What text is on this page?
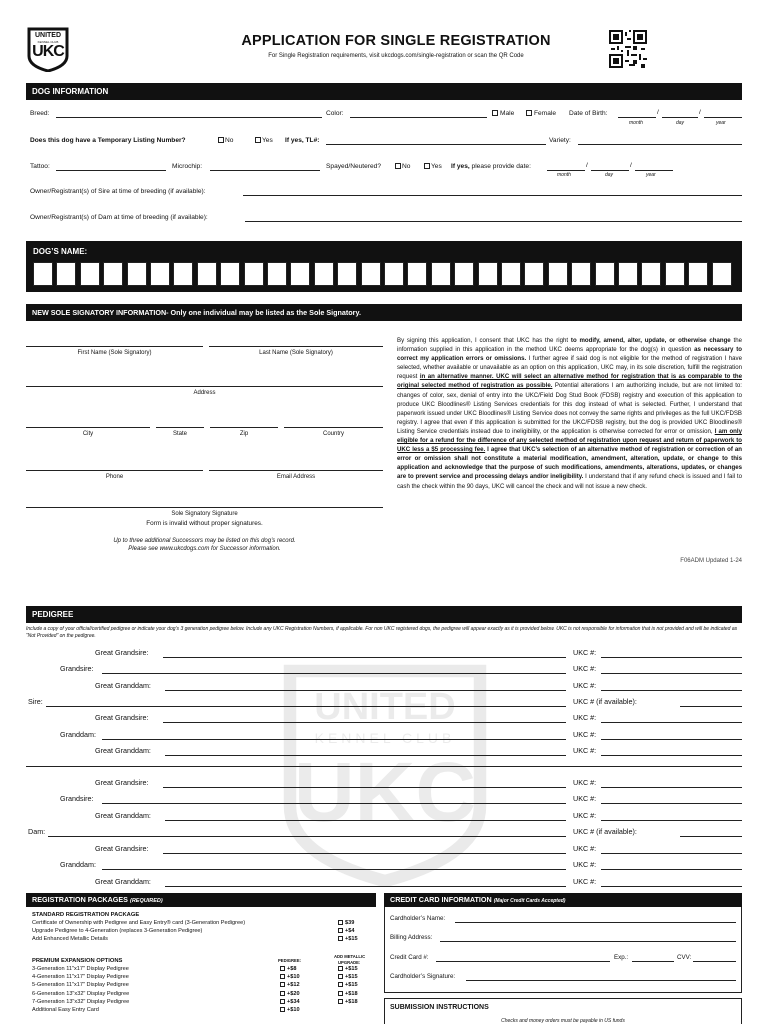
UNITED
KENNEL CLUB
UKC
APPLICATION FOR SINGLE REGISTRATION
For Single Registration requirements, visit ukcdogs.com/single-registration or scan the QR Code
DOG INFORMATION
Breed:	Color:	Male	Female Date of Birth:	/	/
month	day	year
Does this dog have a Temporary Listing Number?	No	Yes If yes, TL#:	Variety:
Tattoo:	Microchip:	Spayed/Neutered?	No	Yes If yes, please provide date:	/	/
month	day	year
Owner/Registrant(s) of Sire at time of breeding (if available):
Owner/Registrant(s) of Dam at time of breeding (if available):
DOG’S NAME:
NEW SOLE SIGNATORY INFORMATION - Only one individual may be listed as the Sole Signatory.
First Name (Sole Signatory)	Last Name (Sole Signatory)
Address
City	State	Zip	Country
Phone	Email Address
Sole Signatory Signature
Form is invalid without proper signatures.
Up to three additional Successors may be listed on this dog’s record.
Please see www.ukcdogs.com for Successor information.
By signing this application, I consent that UKC has the right to modify, amend, alter, update, or otherwise change the information supplied in this application in the method UKC deems appropriate for the dog(s) in question as necessary to correct my application errors or omissions. I further agree if said dog is not eligible for the method of registration I have selected, whether available or unavailable as an option on this application, UKC may, in its sole discretion, fulfill the registration request in an alternative manner. UKC will select an alternative method for registration that is as comparable to the original selected method of registration as possible. Potential alterations I am authorizing include, but are not limited to: changes of color, sex, denial of entry into the UKC/Field Dog Stud Book (FDSB) registry and execution of this application to produce UKC Bloodlines® Listing Services credentials for this dog instead of what is selected. Further, I understand that paperwork issued under UKC Bloodlines® Listing Service does not convey the same rights and privileges as the full UKC/FDSB registry. I agree that even if this application is submitted for the UKC/FDSB registry, but the dog is provided UKC Bloodlines® Listing Service credentials instead due to ineligibility, or the application is otherwise corrected for error or omission, I am only eligible for a refund for the difference of any selected method of registration upon request and return of paperwork to UKC less a $5 processing fee. I agree that UKC’s selection of an alternative method of registration or correction of an error or omission shall not constitute a material modification, amendment, alteration, update, or change to this application and acknowledge that the purpose of such modifications, amendments, alterations, updates, or changes are to prevent service and processing delays and/or ineligibility. I understand that if any refund check is issued and I fail to cash the check within the 90 days, UKC will cancel the check and will not issue a new check.
F06ADM Updated 1-24
PEDIGREE
Include a copy of your official/certified pedigree or indicate your dog’s 3 generation pedigree below. Include any UKC Registration Numbers, if applicable. For non UKC registered dogs, the pedigree will appear exactly as it is provided below. UKC is not responsible for information that is not provided and will be indicated as “Not Provided” on the pedigree.
UNITED
KENNEL CLUB
UKC
Great Grandsire:	UKC #:
Grandsire:	UKC #:
Great Granddam:	UKC #:
Sire:	UKC # (if available):
Great Grandsire:	UKC #:
Granddam:	UKC #:
Great Granddam:	UKC #:
Great Grandsire:	UKC #:
Grandsire:	UKC #:
Great Granddam:	UKC #:
Dam:	UKC # (if available):
Great Grandsire:	UKC #:
Granddam:	UKC #:
Great Granddam:	UKC #:
REGISTRATION PACKAGES (REQUIRED)
STANDARD REGISTRATION PACKAGE
Certificate of Ownership with Pedigree and Easy Entry® card (3-Generation Pedigree)	$39
Upgrade Pedigree to 4-Generation (replaces 3-Generation Pedigree)	+$4
Add Enhanced Metallic Details	+$15
PREMIUM EXPANSION OPTIONS	PEDIGREE:
ADD METALLIC
UPGRADE:
3-Generation 11"x17" Display Pedigree	+$8	+$15
4-Generation 11"x17" Display Pedigree	+$10	+$15
5-Generation 11"x17" Display Pedigree	+$12	+$15
6-Generation 13"x32" Display Pedigree	+$20	+$18
7-Generation 13"x32" Display Pedigree	+$34	+$18
Additional Easy Entry Card	+$10
CREDIT CARD INFORMATION (Major Credit Cards Accepted)
Cardholder’s Name:
Billing Address:
Credit Card #:	Exp.:	CVV:
Cardholder’s Signature:
SUBMISSION INSTRUCTIONS
Checks and money orders must be payable in US funds
